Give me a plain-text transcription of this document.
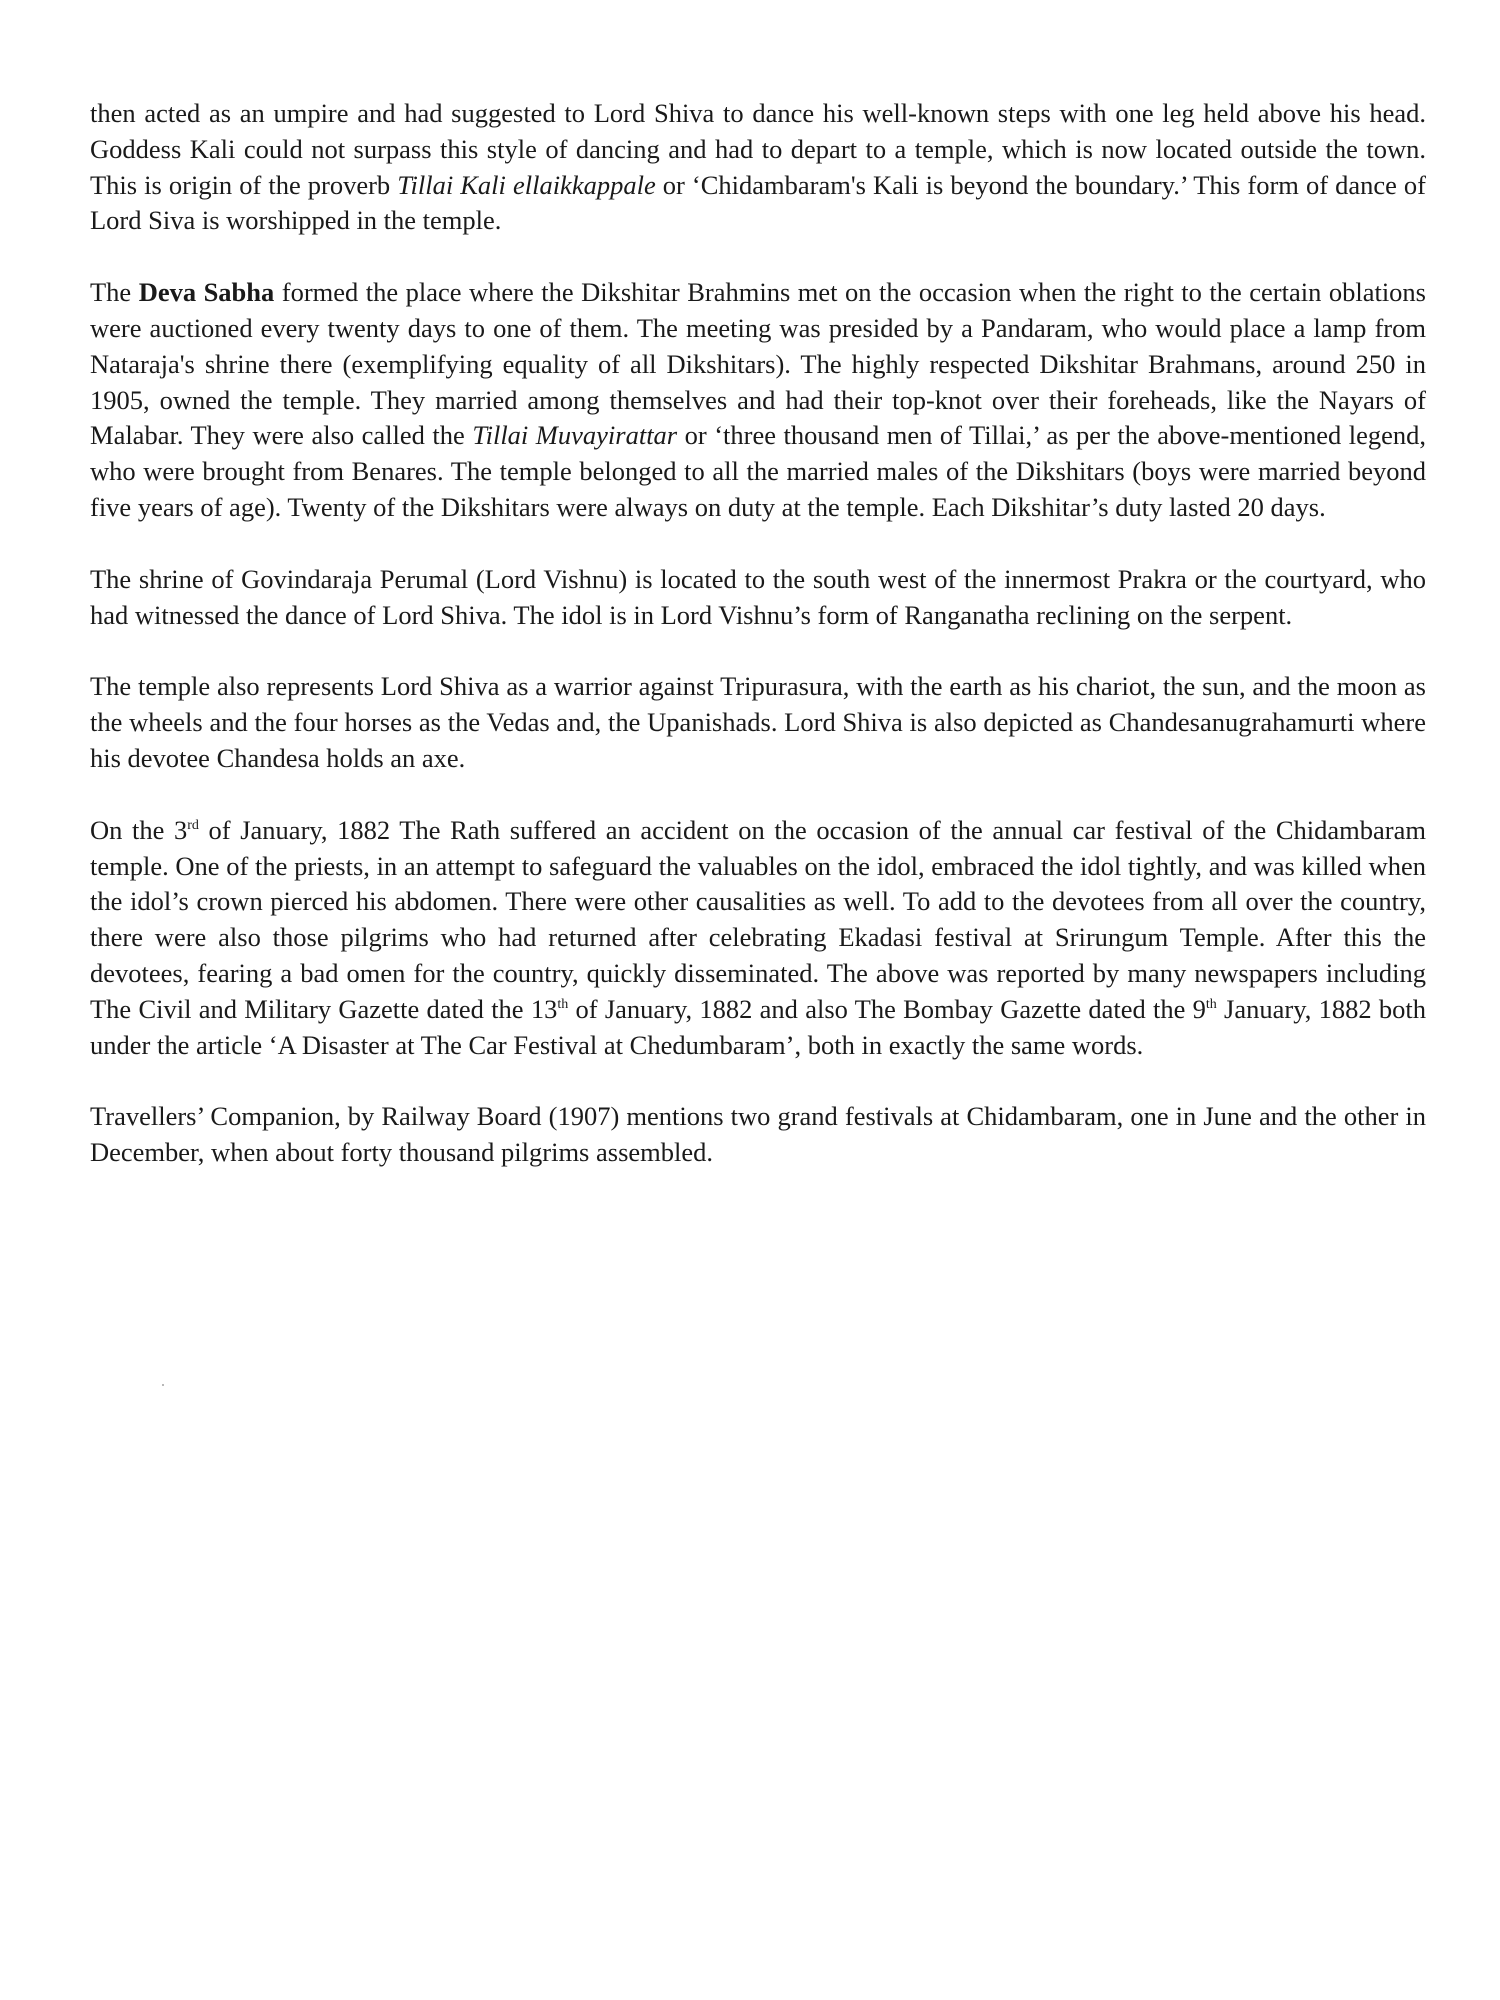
then acted as an umpire and had suggested to Lord Shiva to dance his well-known steps with one leg held above his head. Goddess Kali could not surpass this style of dancing and had to depart to a temple, which is now located outside the town. This is origin of the proverb Tillai Kali ellaikkappale or ‘Chidambaram's Kali is beyond the boundary.’ This form of dance of Lord Siva is worshipped in the temple.

The Deva Sabha formed the place where the Dikshitar Brahmins met on the occasion when the right to the certain oblations were auctioned every twenty days to one of them. The meeting was presided by a Pandaram, who would place a lamp from Nataraja's shrine there (exemplifying equality of all Dikshitars). The highly respected Dikshitar Brahmans, around 250 in 1905, owned the temple. They married among themselves and had their top-knot over their foreheads, like the Nayars of Malabar. They were also called the Tillai Muvayirattar or ‘three thousand men of Tillai,’ as per the above-mentioned legend, who were brought from Benares. The temple belonged to all the married males of the Dikshitars (boys were married beyond five years of age). Twenty of the Dikshitars were always on duty at the temple. Each Dikshitar’s duty lasted 20 days.

The shrine of Govindaraja Perumal (Lord Vishnu) is located to the south west of the innermost Prakra or the courtyard, who had witnessed the dance of Lord Shiva. The idol is in Lord Vishnu’s form of Ranganatha reclining on the serpent.

The temple also represents Lord Shiva as a warrior against Tripurasura, with the earth as his chariot, the sun, and the moon as the wheels and the four horses as the Vedas and, the Upanishads. Lord Shiva is also depicted as Chandesanugrahamurti where his devotee Chandesa holds an axe.

On the 3rd of January, 1882 The Rath suffered an accident on the occasion of the annual car festival of the Chidambaram temple. One of the priests, in an attempt to safeguard the valuables on the idol, embraced the idol tightly, and was killed when the idol’s crown pierced his abdomen. There were other causalities as well. To add to the devotees from all over the country, there were also those pilgrims who had returned after celebrating Ekadasi festival at Srirungum Temple. After this the devotees, fearing a bad omen for the country, quickly disseminated. The above was reported by many newspapers including The Civil and Military Gazette dated the 13th of January, 1882 and also The Bombay Gazette dated the 9th January, 1882 both under the article ‘A Disaster at The Car Festival at Chedumbaram’, both in exactly the same words.

Travellers’ Companion, by Railway Board (1907) mentions two grand festivals at Chidambaram, one in June and the other in December, when about forty thousand pilgrims assembled.
